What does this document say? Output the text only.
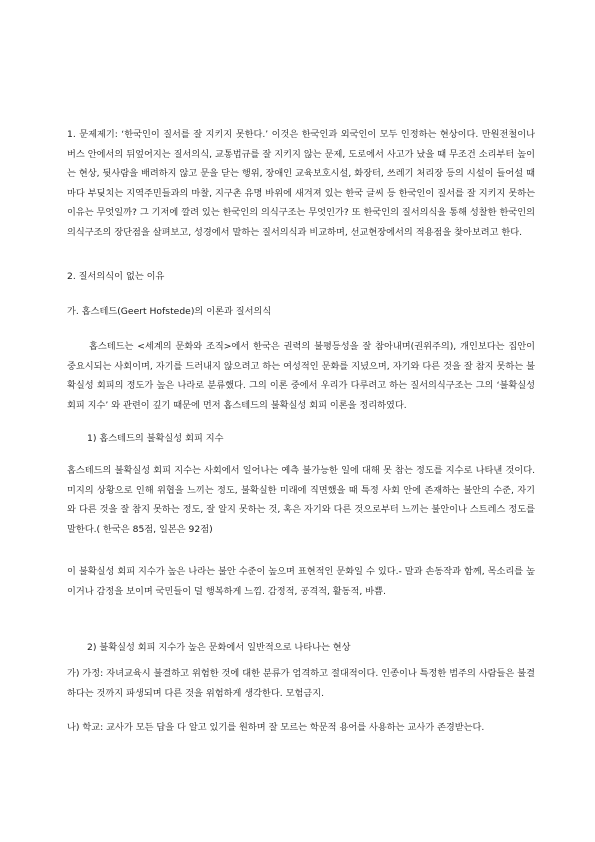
1. 문제제기: ‘한국인이 질서를 잘 지키지 못한다.’ 이것은 한국인과 외국인이 모두 인정하는 현상이다. 만원전철이나 버스 안에서의 뒤엎어지는 질서의식, 교통법규를 잘 지키지 않는 문제, 도로에서 사고가 났을 때 무조건 소리부터 높이는 현상, 뒷사람을 배려하지 않고 문을 닫는 행위, 장애인 교육보호시설, 화장터, 쓰레기 처리장 등의 시설이 들어설 때마다 부딪치는 지역주민들과의 마찰, 지구촌 유명 바위에 새겨져 있는 한국 글씨 등 한국인이 질서를 잘 지키지 못하는 이유는 무엇일까? 그 기저에 깔려 있는 한국인의 의식구조는 무엇인가? 또 한국인의 질서의식을 통해 성찰한 한국인의 의식구조의 장단점을 살펴보고, 성경에서 말하는 질서의식과 비교하며, 선교현장에서의 적용점을 찾아보려고 한다.

2. 질서의식이 없는 이유

가. 홉스테드(Geert Hofstede)의 이론과 질서의식

홉스테드는 <세계의 문화와 조직>에서 한국은 권력의 불평등성을 잘 참아내며(권위주의), 개인보다는 집안이 중요시되는 사회이며, 자기를 드러내지 않으려고 하는 여성적인 문화를 지녔으며, 자기와 다른 것을 잘 참지 못하는 불확실성 회피의 정도가 높은 나라로 분류했다. 그의 이론 중에서 우리가 다루려고 하는 질서의식구조는 그의 ‘불확실성 회피 지수’ 와 관련이 깊기 때문에 먼저 홉스테드의 불확실성 회피 이론을 정리하였다.

1) 홉스테드의 불확실성 회피 지수

홉스테드의 불확실성 회피 지수는 사회에서 일어나는 예측 불가능한 일에 대해 못 참는 정도를 지수로 나타낸 것이다. 미지의 상황으로 인해 위협을 느끼는 정도, 불확실한 미래에 직면했을 때 특정 사회 안에 존재하는 불안의 수준, 자기와 다른 것을 잘 참지 못하는 정도, 잘 알지 못하는 것, 혹은 자기와 다른 것으로부터 느끼는 불안이나 스트레스 정도를 말한다.( 한국은 85점, 일본은 92점)

이 불확실성 회피 지수가 높은 나라는 불안 수준이 높으며 표현적인 문화일 수 있다.- 말과 손동작과 함께, 목소리를 높이거나 감정을 보이며 국민들이 덜 행복하게 느낌. 감정적, 공격적, 활동적, 바쁨.

2) 불확실성 회피 지수가 높은 문화에서 일반적으로 나타나는 현상

가) 가정: 자녀교육시 불결하고 위험한 것에 대한 분류가 엄격하고 절대적이다. 인종이나 특정한 범주의 사람들은 불결하다는 것까지 파생되며 다른 것을 위험하게 생각한다. 모험금지.

나) 학교: 교사가 모든 답을 다 알고 있기를 원하며 잘 모르는 학문적 용어를 사용하는 교사가 존경받는다.
